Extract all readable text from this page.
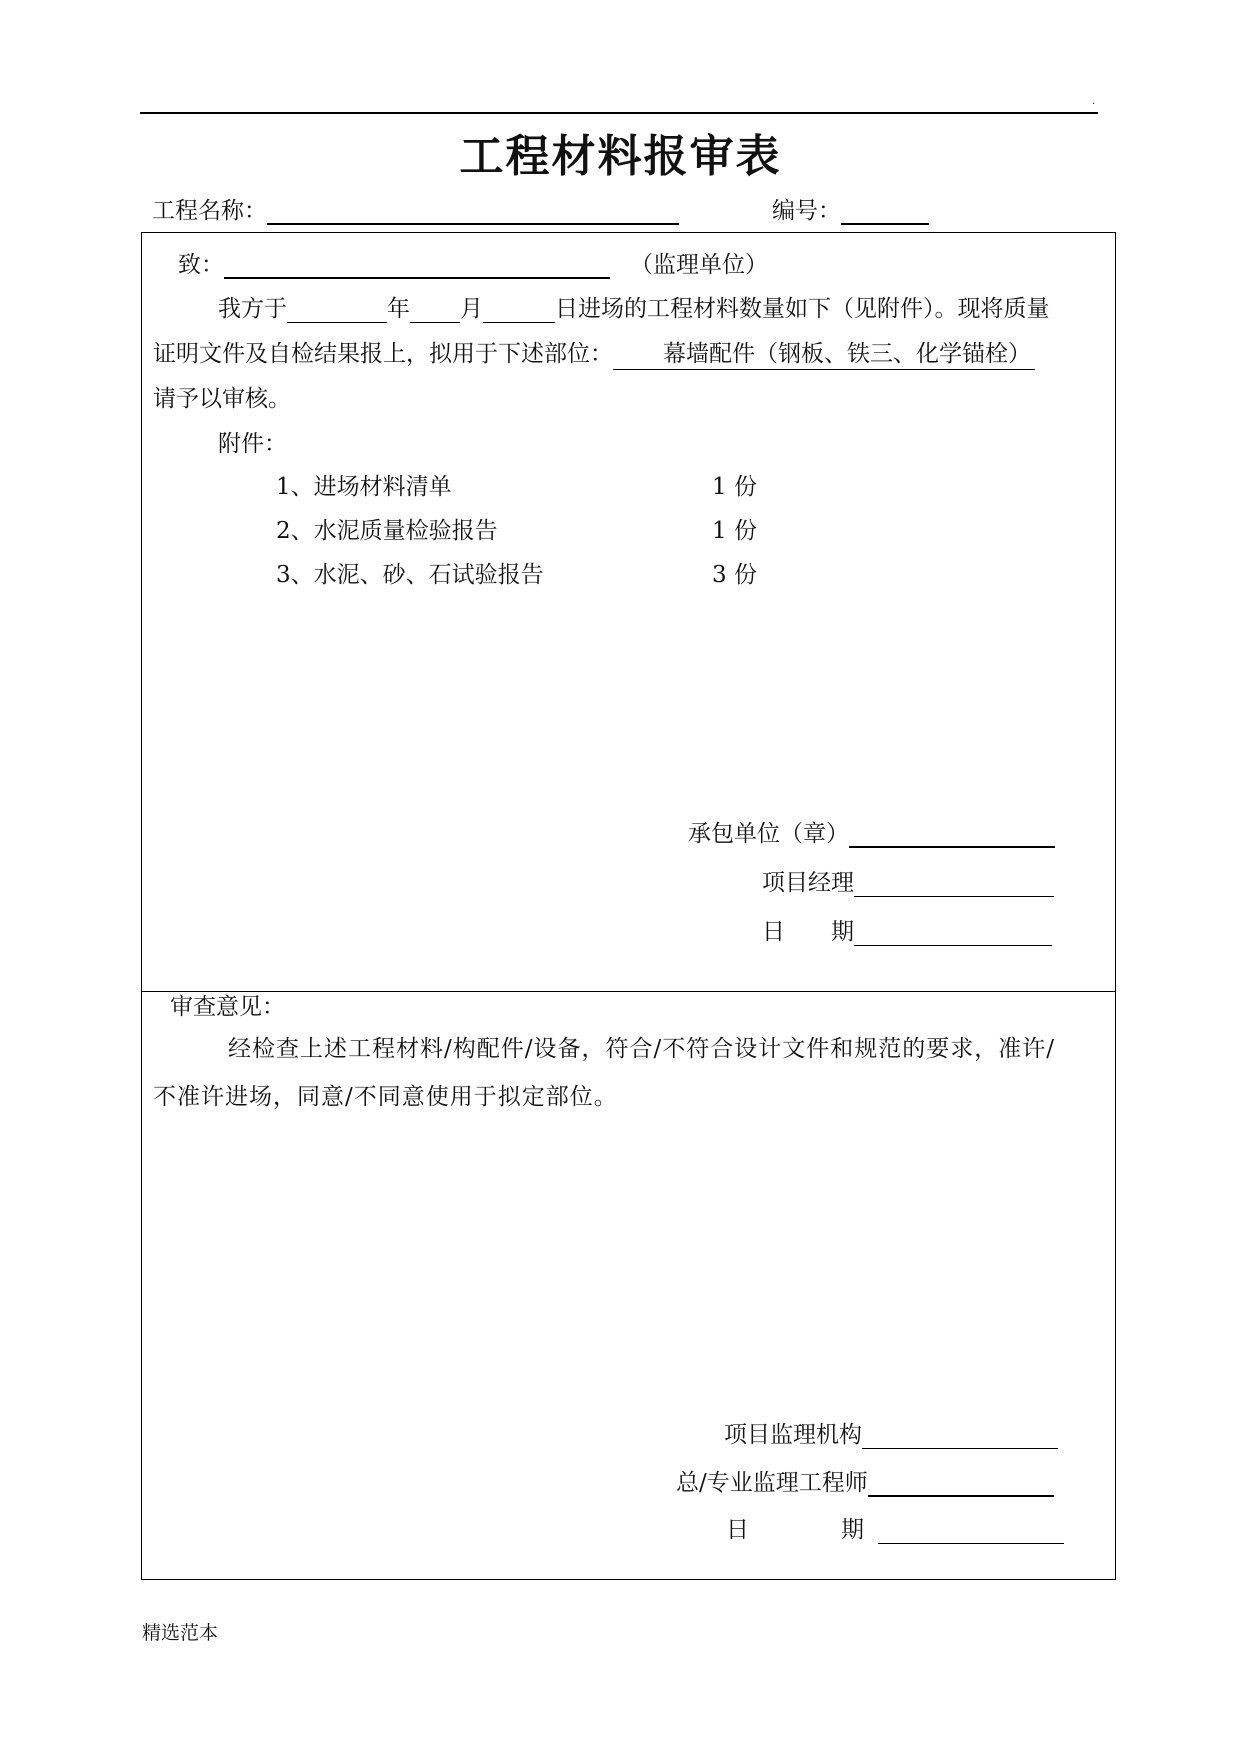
.
工程材料报审表
工程名称：	编号：
致：	（监理单位）
我方于	年 月	日进场的工程材料数量如下（见附件）。现将质量
证明文件及自检结果报上，拟用于下述部位： 幕墙配件（钢板、铁三、化学锚栓）
请予以审核。
附件：
1、进场材料清单	1 份
2、水泥质量检验报告	1 份
3、水泥、砂、石试验报告	3 份
承包单位（章）
项目经理
日　　期
审查意见：
经检查上述工程材料/构配件/设备，符合/不符合设计文件和规范的要求，准许/
不准许进场，同意/不同意使用于拟定部位。
项目监理机构
总/专业监理工程师
日　　　　期
精选范本
